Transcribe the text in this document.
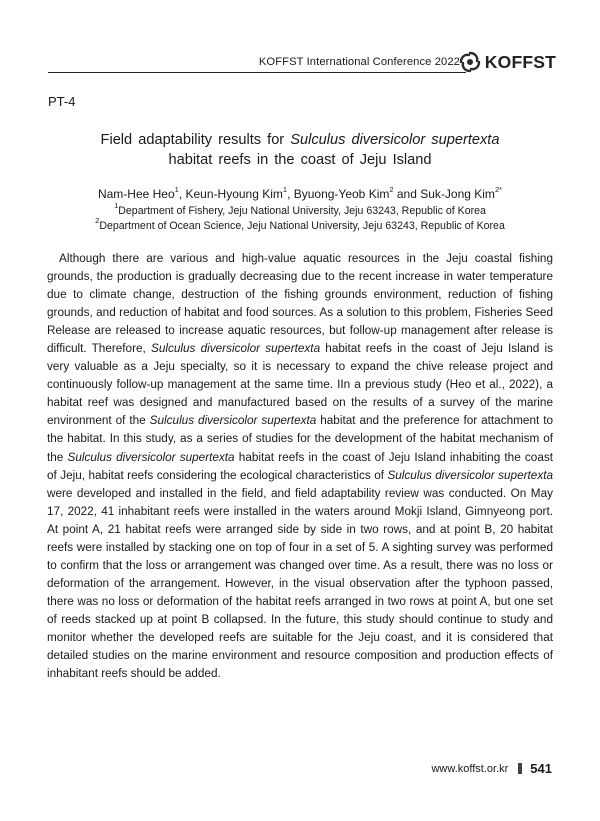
KOFFST International Conference 2022 KOFFST
PT-4
Field adaptability results for Sulculus diversicolor supertexta
habitat reefs in the coast of Jeju Island
Nam-Hee Heo$^1$, Keun-Hyoung Kim$^1$, Byuong-Yeob Kim$^2$ and Suk-Jong Kim$^{2*}$
$^1$Department of Fishery, Jeju National University, Jeju 63243, Republic of Korea
$^2$Department of Ocean Science, Jeju National University, Jeju 63243, Republic of Korea
Although there are various and high-value aquatic resources in the Jeju coastal fishing grounds, the production is gradually decreasing due to the recent increase in water temperature due to climate change, destruction of the fishing grounds environment, reduction of fishing grounds, and reduction of habitat and food sources. As a solution to this problem, Fisheries Seed Release are released to increase aquatic resources, but follow-up management after release is difficult. Therefore, Sulculus diversicolor supertexta habitat reefs in the coast of Jeju Island is very valuable as a Jeju specialty, so it is necessary to expand the chive release project and continuously follow-up management at the same time. IIn a previous study (Heo et al., 2022), a habitat reef was designed and manufactured based on the results of a survey of the marine environment of the Sulculus diversicolor supertexta habitat and the preference for attachment to the habitat. In this study, as a series of studies for the development of the habitat mechanism of the Sulculus diversicolor supertexta habitat reefs in the coast of Jeju Island inhabiting the coast of Jeju, habitat reefs considering the ecological characteristics of Sulculus diversicolor supertexta were developed and installed in the field, and field adaptability review was conducted. On May 17, 2022, 41 inhabitant reefs were installed in the waters around Mokji Island, Gimnyeong port. At point A, 21 habitat reefs were arranged side by side in two rows, and at point B, 20 habitat reefs were installed by stacking one on top of four in a set of 5. A sighting survey was performed to confirm that the loss or arrangement was changed over time. As a result, there was no loss or deformation of the arrangement. However, in the visual observation after the typhoon passed, there was no loss or deformation of the habitat reefs arranged in two rows at point A, but one set of reeds stacked up at point B collapsed. In the future, this study should continue to study and monitor whether the developed reefs are suitable for the Jeju coast, and it is considered that detailed studies on the marine environment and resource composition and production effects of inhabitant reefs should be added.
www.koffst.or.kr 541
